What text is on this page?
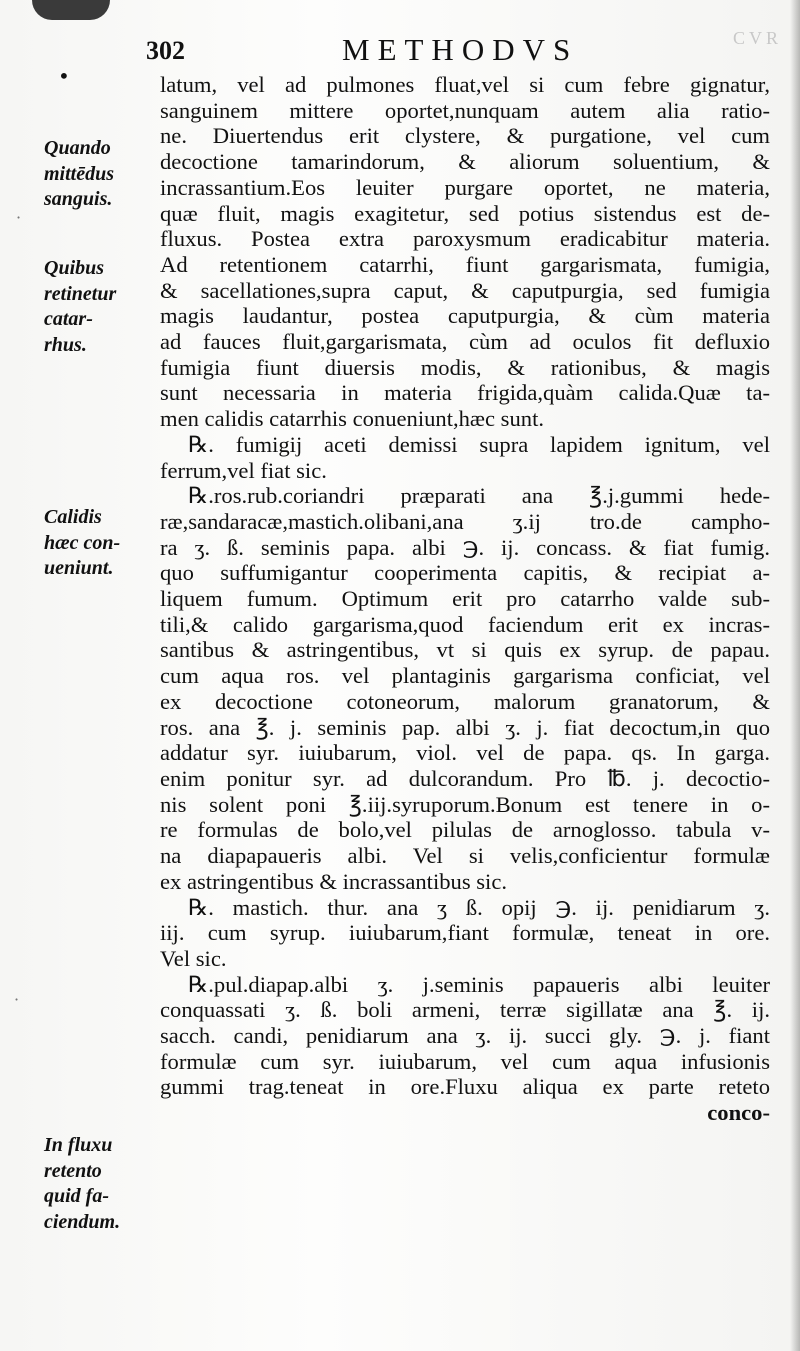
302	METHODVS	CVR
•
Quando
mittēdus
sanguis.
Quibus
retinetur
catar-
rhus.
Calidis
hæc con-
ueniunt.
In fluxu
retento
quid fa-
ciendum.
latum, vel ad pulmones fluat,vel si cum febre gignatur,
sanguinem mittere oportet,nunquam autem alia ratio-
ne. Diuertendus erit clystere, & purgatione, vel cum
decoctione tamarindorum, & aliorum soluentium, &
incrassantium.Eos leuiter purgare oportet, ne materia,
quæ fluit, magis exagitetur, sed potius sistendus est de-
fluxus. Postea extra paroxysmum eradicabitur materia.
Ad retentionem catarrhi, fiunt gargarismata, fumigia,
& sacellationes,supra caput, & caputpurgia, sed fumigia
magis laudantur, postea caputpurgia, & cùm materia
ad fauces fluit,gargarismata, cùm ad oculos fit defluxio
fumigia fiunt diuersis modis, & rationibus, & magis
sunt necessaria in materia frigida,quàm calida.Quæ ta-
men calidis catarrhis conueniunt,hæc sunt.
℞. fumigij aceti demissi supra lapidem ignitum, vel
ferrum,vel fiat sic.
℞.ros.rub.coriandri præparati ana ℥.j.gummi hede-
ræ,sandaracæ,mastich.olibani,ana ʒ.ij tro.de campho-
ra ʒ. ß. seminis papa. albi ℈. ij. concass. & fiat fumig.
quo suffumigantur cooperimenta capitis, & recipiat a-
liquem fumum. Optimum erit pro catarrho valde sub-
tili,& calido gargarisma,quod faciendum erit ex incras-
santibus & astringentibus, vt si quis ex syrup. de papau.
cum aqua ros. vel plantaginis gargarisma conficiat, vel
ex decoctione cotoneorum, malorum granatorum, &
ros. ana ℥. j. seminis pap. albi ʒ. j. fiat decoctum,in quo
addatur syr. iuiubarum, viol. vel de papa. qs. In garga.
enim ponitur syr. ad dulcorandum. Pro ℔. j. decoctio-
nis solent poni ℥.iij.syruporum.Bonum est tenere in o-
re formulas de bolo,vel pilulas de arnoglosso. tabula v-
na diapapaueris albi. Vel si velis,conficientur formulæ
ex astringentibus & incrassantibus sic.
℞. mastich. thur. ana ʒ ß. opij ℈. ij. penidiarum ʒ.
iij. cum syrup. iuiubarum,fiant formulæ, teneat in ore.
Vel sic.
℞.pul.diapap.albi ʒ. j.seminis papaueris albi leuiter
conquassati ʒ. ß. boli armeni, terræ sigillatæ ana ℥. ij.
sacch. candi, penidiarum ana ʒ. ij. succi gly. ℈. j. fiant
formulæ cum syr. iuiubarum, vel cum aqua infusionis
gummi trag.teneat in ore.Fluxu aliqua ex parte reteto
conco-
·
·
